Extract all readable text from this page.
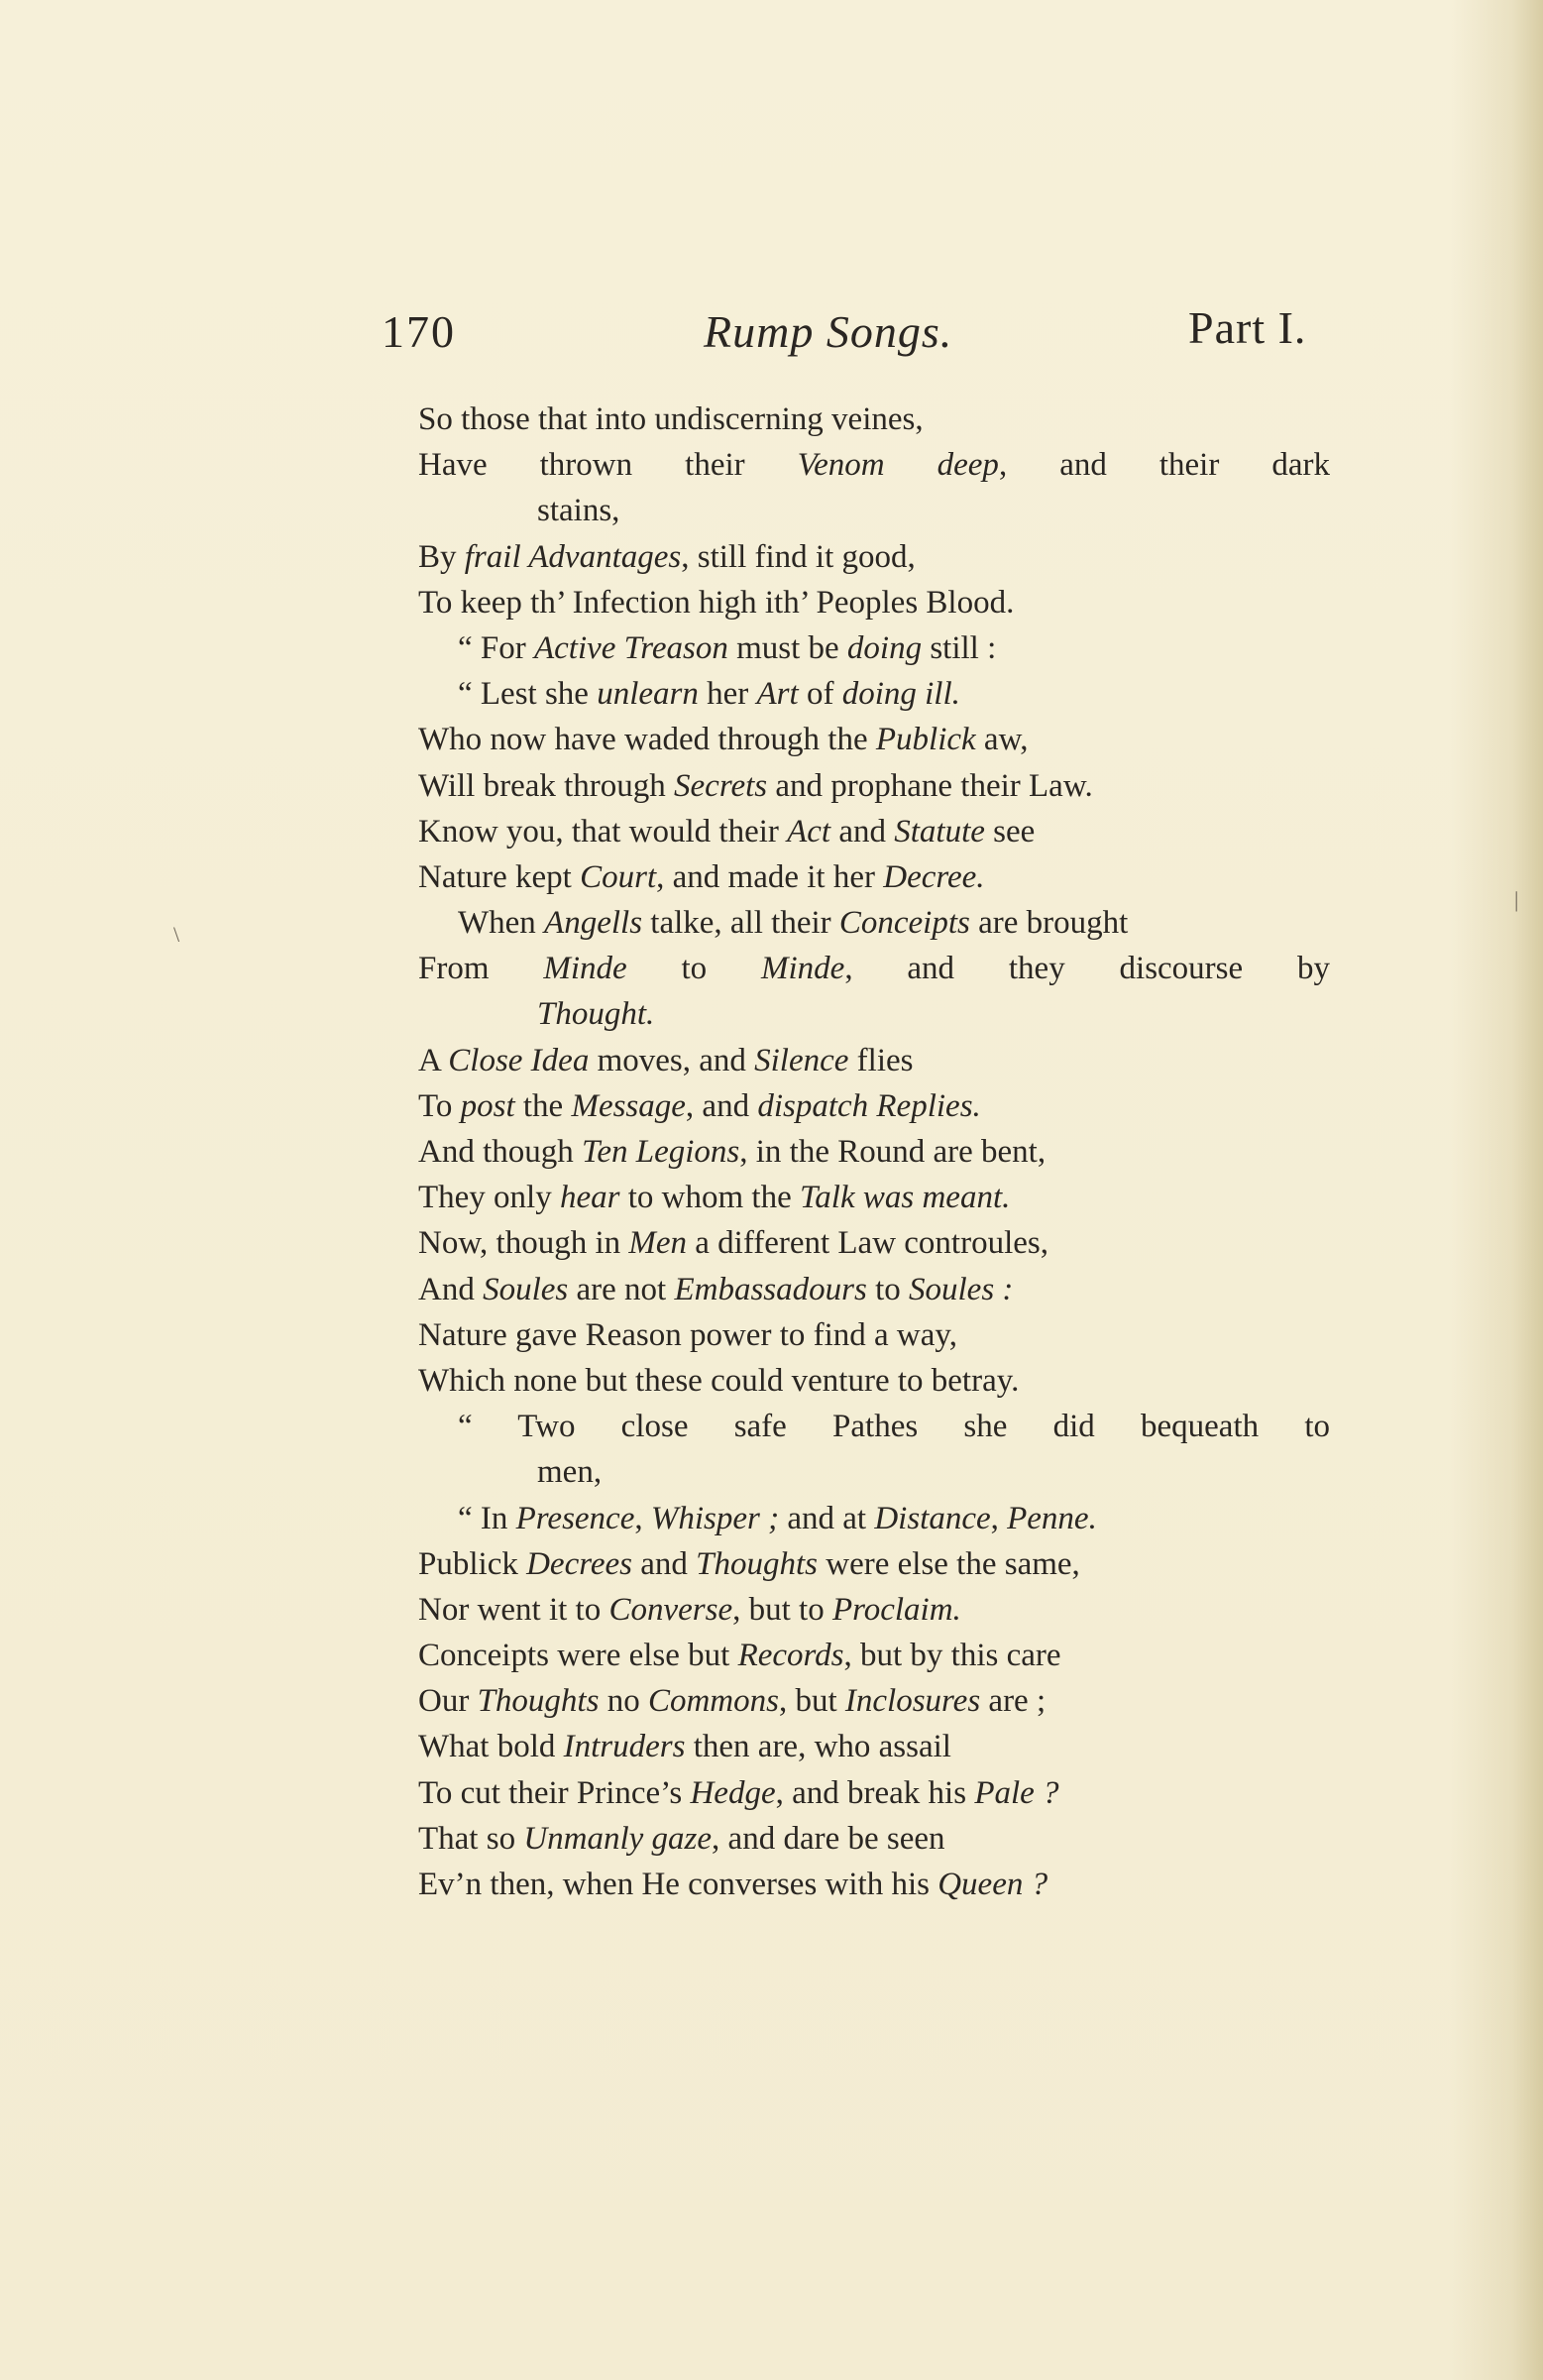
170	Rump Songs.	Part I.
\
|
So those that into undiscerning veines,
Have thrown their Venom deep, and their dark
stains,
By frail Advantages, still find it good,
To keep th’ Infection high ith’ Peoples Blood.
“ For Active Treason must be doing still :
“ Lest she unlearn her Art of doing ill.
Who now have waded through the Publick aw,
Will break through Secrets and prophane their Law.
Know you, that would their Act and Statute see
Nature kept Court, and made it her Decree.
When Angells talke, all their Conceipts are brought
From Minde to Minde, and they discourse by
Thought.
A Close Idea moves, and Silence flies
To post the Message, and dispatch Replies.
And though Ten Legions, in the Round are bent,
They only hear to whom the Talk was meant.
Now, though in Men a different Law controules,
And Soules are not Embassadours to Soules :
Nature gave Reason power to find a way,
Which none but these could venture to betray.
“ Two close safe Pathes she did bequeath to
men,
“ In Presence, Whisper ; and at Distance, Penne.
Publick Decrees and Thoughts were else the same,
Nor went it to Converse, but to Proclaim.
Conceipts were else but Records, but by this care
Our Thoughts no Commons, but Inclosures are ;
What bold Intruders then are, who assail
To cut their Prince’s Hedge, and break his Pale ?
That so Unmanly gaze, and dare be seen
Ev’n then, when He converses with his Queen ?
